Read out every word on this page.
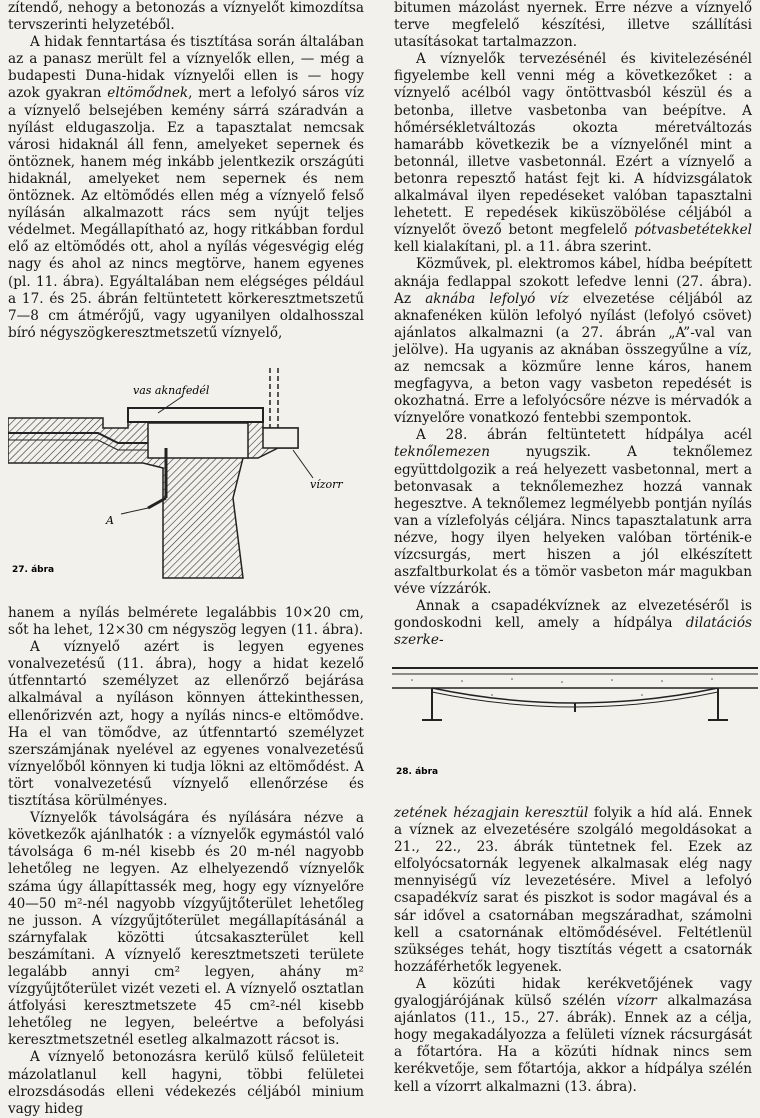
zítendő, nehogy a betonozás a víznyelőt kimozdítsa tervszerinti helyzetéből.

A hidak fenntartása és tisztítása során általában az a panasz merült fel a víznyelők ellen, — még a budapesti Duna-hidak víznyelői ellen is — hogy azok gyakran eltömődnek, mert a lefolyó sáros víz a víznyelő belsejében kemény sárrá száradván a nyílást eldugaszolja. Ez a tapasztalat nemcsak városi hidaknál áll fenn, amelyeket sepernek és öntöznek, hanem még inkább jelentkezik országúti hidaknál, amelyeket nem sepernek és nem öntöznek. Az eltömődés ellen még a víznyelő felső nyílásán alkalmazott rács sem nyújt teljes védelmet. Megállapítható az, hogy ritkábban fordul elő az eltömődés ott, ahol a nyílás végesvégig elég nagy és ahol az nincs megtörve, hanem egyenes (pl. 11. ábra). Egyáltalában nem elégséges például a 17. és 25. ábrán feltüntetett körkeresztmetszetű 7—8 cm átmérőjű, vagy ugyanilyen oldalhosszal bíró négyszögkeresztmetszetű víznyelő,

vas aknafedél
vízorr
A
27. ábra

hanem a nyílás belmérete legalábbis 10×20 cm, sőt ha lehet, 12×30 cm négyszög legyen (11. ábra).

A víznyelő azért is legyen egyenes vonalvezetésű (11. ábra), hogy a hidat kezelő útfenntartó személyzet az ellenőrző bejárása alkalmával a nyíláson könnyen áttekinthessen, ellenőrizvén azt, hogy a nyílás nincs-e eltömődve. Ha el van tömődve, az útfenntartó személyzet szerszámjának nyelével az egyenes vonalvezetésű víznyelőből könnyen ki tudja lökni az eltömődést. A tört vonalvezetésű víznyelő ellenőrzése és tisztítása körülményes.

Víznyelők távolságára és nyílására nézve a következők ajánlhatók : a víznyelők egymástól való távolsága 6 m-nél kisebb és 20 m-nél nagyobb lehetőleg ne legyen. Az elhelyezendő víznyelők száma úgy állapíttassék meg, hogy egy víznyelőre 40—50 m²-nél nagyobb vízgyűjtőterület lehetőleg ne jusson. A vízgyűjtőterület megállapításánál a szárnyfalak közötti útcsakaszterület kell beszámítani. A víznyelő keresztmetszeti területe legalább annyi cm² legyen, ahány m² vízgyűjtőterület vizét vezeti el. A víznyelő osztatlan átfolyási keresztmetszete 45 cm²-nél kisebb lehetőleg ne legyen, beleértve a befolyási keresztmetszetnél esetleg alkalmazott rácsot is.

A víznyelő betonozásra kerülő külső felületeit mázolatlanul kell hagyni, többi felületei elrozsdásodás elleni védekezés céljából minium vagy hideg

bitumen mázolást nyernek. Erre nézve a víznyelő terve megfelelő készítési, illetve szállítási utasításokat tartalmazzon.

A víznyelők tervezésénél és kivitelezésénél figyelembe kell venni még a következőket : a víznyelő acélból vagy öntöttvasból készül és a betonba, illetve vasbetonba van beépítve. A hőmérsékletváltozás okozta méretváltozás hamarább következik be a víznyelőnél mint a betonnál, illetve vasbetonnál. Ezért a víznyelő a betonra repesztő hatást fejt ki. A hídvizsgálatok alkalmával ilyen repedéseket valóban tapasztalni lehetett. E repedések kiküszöbölése céljából a víznyelőt övező betont megfelelő pótvasbetétekkel kell kialakítani, pl. a 11. ábra szerint.

Közművek, pl. elektromos kábel, hídba beépített aknája fedlappal szokott lefedve lenni (27. ábra). Az aknába lefolyó víz elvezetése céljából az aknafenéken külön lefolyó nyílást (lefolyó csövet) ajánlatos alkalmazni (a 27. ábrán „A”-val van jelölve). Ha ugyanis az aknában összegyűlne a víz, az nemcsak a közműre lenne káros, hanem megfagyva, a beton vagy vasbeton repedését is okozhatná. Erre a lefolyócsőre nézve is mérvadók a víznyelőre vonatkozó fentebbi szempontok.

A 28. ábrán feltüntetett hídpálya acél teknőlemezen nyugszik. A teknőlemez együttdolgozik a reá helyezett vasbetonnal, mert a betonvasak a teknőlemezhez hozzá vannak hegesztve. A teknőlemez legmélyebb pontján nyílás van a vízlefolyás céljára. Nincs tapasztalatunk arra nézve, hogy ilyen helyeken valóban történik-e vízcsurgás, mert hiszen a jól elkészített aszfaltburkolat és a tömör vasbeton már magukban véve vízzárók.

Annak a csapadékvíznek az elvezetéséről is gondoskodni kell, amely a hídpálya dilatációs szerke-

28. ábra

zetének hézagjain keresztül folyik a híd alá. Ennek a víznek az elvezetésére szolgáló megoldásokat a 21., 22., 23. ábrák tüntetnek fel. Ezek az elfolyócsatornák legyenek alkalmasak elég nagy mennyiségű víz levezetésére. Mivel a lefolyó csapadékvíz sarat és piszkot is sodor magával és a sár idővel a csatornában megszáradhat, számolni kell a csatornának eltömődésével. Feltétlenül szükséges tehát, hogy tisztítás végett a csatornák hozzáférhetők legyenek.

A közúti hidak kerékvetőjének vagy gyalogjárójának külső szélén vízorr alkalmazása ajánlatos (11., 15., 27. ábrák). Ennek az a célja, hogy megakadályozza a felületi víznek rácsurgását a főtartóra. Ha a közúti hídnak nincs sem kerékvetője, sem főtartója, akkor a hídpálya szélén kell a vízorrt alkalmazni (13. ábra).
